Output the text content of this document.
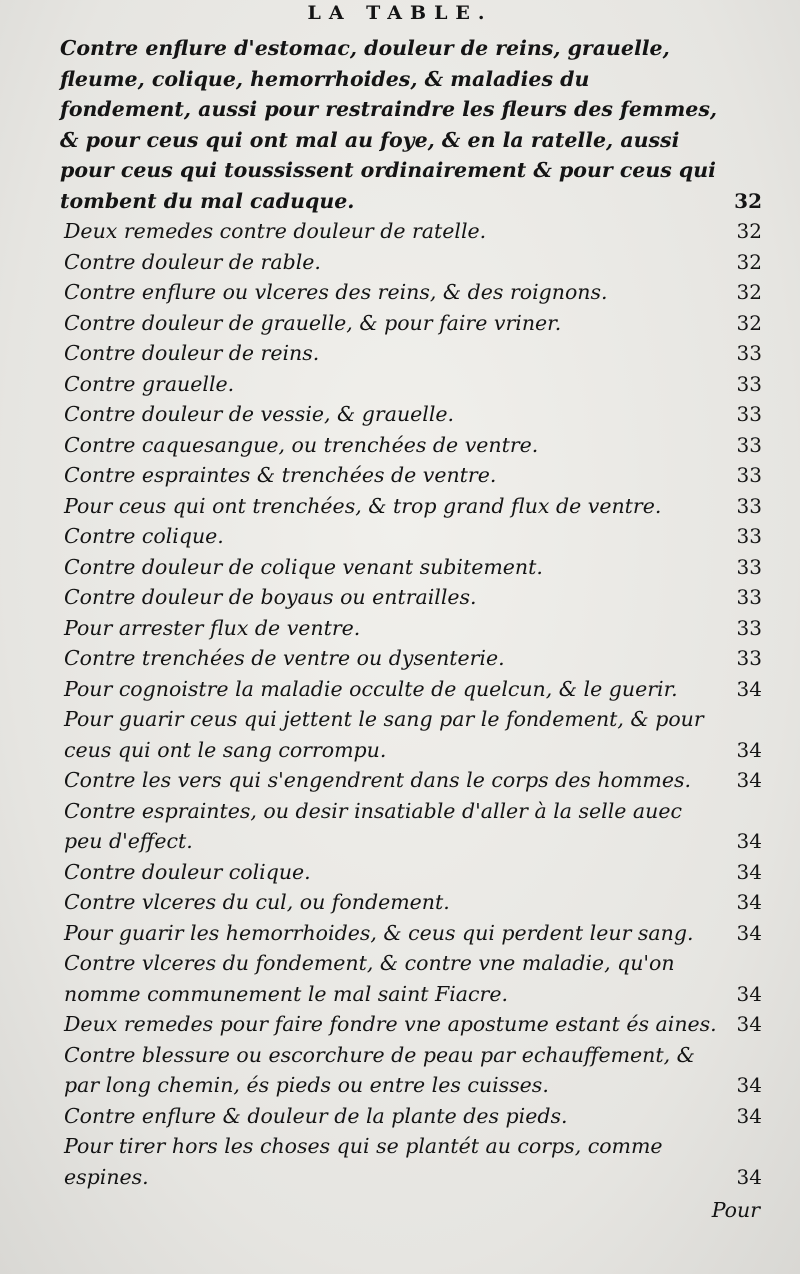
LA TABLE.
Contre enflure d'estomac, douleur de reins, grauelle, fleume, colique, hemorrhoides, & maladies du fondement, aussi pour restraindre les fleurs des femmes, & pour ceus qui ont mal au foye, & en la ratelle, aussi pour ceus qui toussissent ordinairement & pour ceus qui tombent du mal caduque.	32
Deux remedes contre douleur de ratelle.	32
Contre douleur de rable.	32
Contre enflure ou vlceres des reins, & des roignons.	32
Contre douleur de grauelle, & pour faire vriner.	32
Contre douleur de reins.	33
Contre grauelle.	33
Contre douleur de vessie, & grauelle.	33
Contre caquesangue, ou trenchées de ventre.	33
Contre espraintes & trenchées de ventre.	33
Pour ceus qui ont trenchées, & trop grand flux de ventre.	33
Contre colique.	33
Contre douleur de colique venant subitement.	33
Contre douleur de boyaus ou entrailles.	33
Pour arrester flux de ventre.	33
Contre trenchées de ventre ou dysenterie.	33
Pour cognoistre la maladie occulte de quelcun, & le guerir.	34
Pour guarir ceus qui jettent le sang par le fondement, & pour ceus qui ont le sang corrompu.	34
Contre les vers qui s'engendrent dans le corps des hommes.	34
Contre espraintes, ou desir insatiable d'aller à la selle auec peu d'effect.	34
Contre douleur colique.	34
Contre vlceres du cul, ou fondement.	34
Pour guarir les hemorrhoides, & ceus qui perdent leur sang.	34
Contre vlceres du fondement, & contre vne maladie, qu'on nomme communement le mal saint Fiacre.	34
Deux remedes pour faire fondre vne apostume estant és aines. 34
Contre blessure ou escorchure de peau par echauffement, & par long chemin, és pieds ou entre les cuisses.	34
Contre enflure & douleur de la plante des pieds.	34
Pour tirer hors les choses qui se plantét au corps, comme espines.	34
Pour
